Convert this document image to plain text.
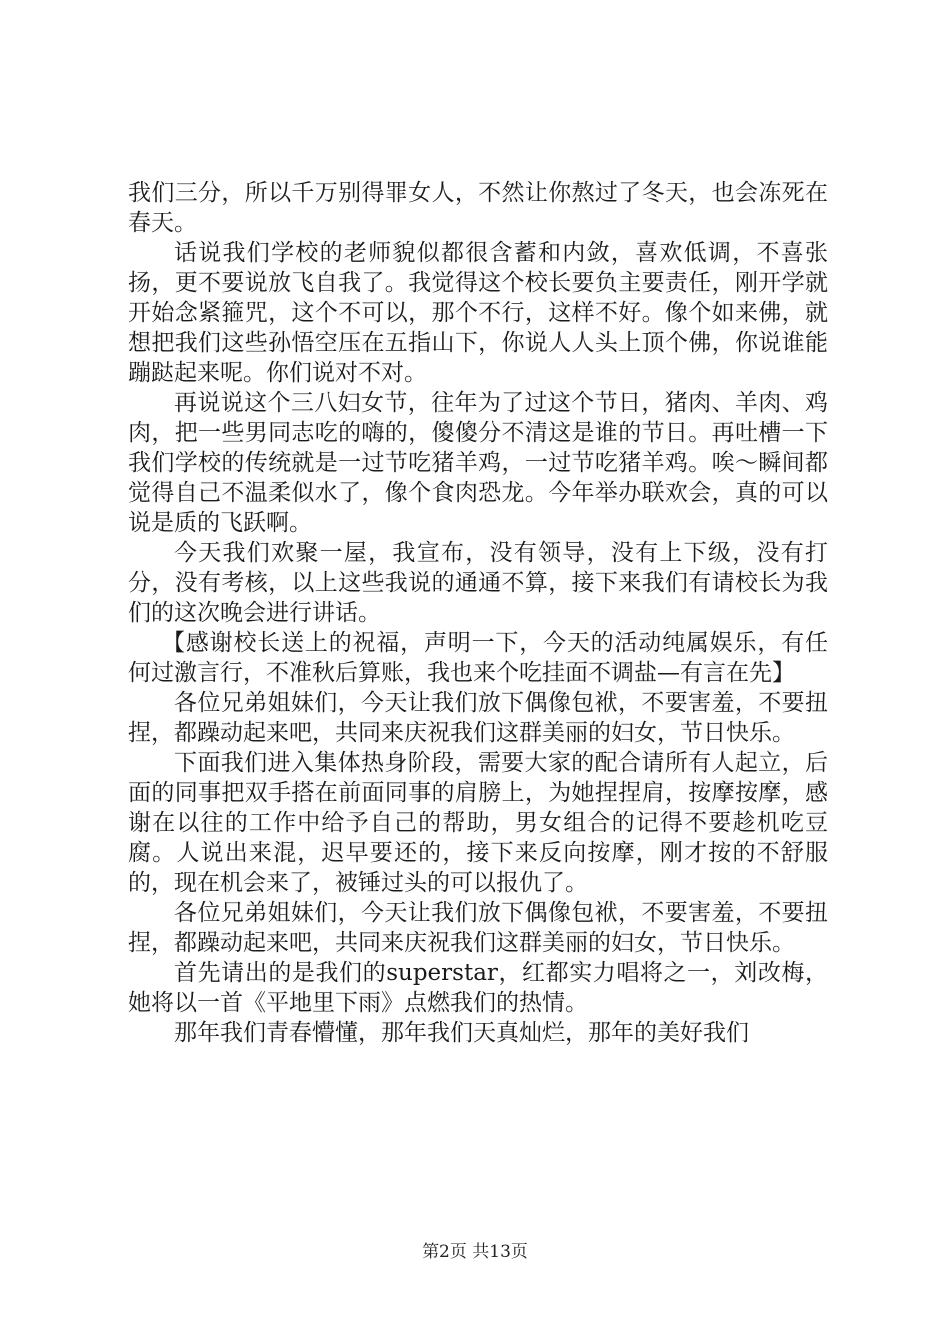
我们三分，所以千万别得罪女人，不然让你熬过了冬天，也会冻死在春天。

话说我们学校的老师貌似都很含蓄和内敛，喜欢低调，不喜张扬，更不要说放飞自我了。我觉得这个校长要负主要责任，刚开学就开始念紧箍咒，这个不可以，那个不行，这样不好。像个如来佛，就想把我们这些孙悟空压在五指山下，你说人人头上顶个佛，你说谁能蹦跶起来呢。你们说对不对。

再说说这个三八妇女节，往年为了过这个节日，猪肉、羊肉、鸡肉，把一些男同志吃的嗨的，傻傻分不清这是谁的节日。再吐槽一下我们学校的传统就是一过节吃猪羊鸡，一过节吃猪羊鸡。唉～瞬间都觉得自己不温柔似水了，像个食肉恐龙。今年举办联欢会，真的可以说是质的飞跃啊。

今天我们欢聚一屋，我宣布，没有领导，没有上下级，没有打分，没有考核，以上这些我说的通通不算，接下来我们有请校长为我们的这次晚会进行讲话。

【感谢校长送上的祝福，声明一下，今天的活动纯属娱乐，有任何过激言行，不准秋后算账，我也来个吃挂面不调盐—有言在先】

各位兄弟姐妹们，今天让我们放下偶像包袱，不要害羞，不要扭捏，都躁动起来吧，共同来庆祝我们这群美丽的妇女，节日快乐。

下面我们进入集体热身阶段，需要大家的配合请所有人起立，后面的同事把双手搭在前面同事的肩膀上，为她捏捏肩，按摩按摩，感谢在以往的工作中给予自己的帮助，男女组合的记得不要趁机吃豆腐。人说出来混，迟早要还的，接下来反向按摩，刚才按的不舒服的，现在机会来了，被锤过头的可以报仇了。

各位兄弟姐妹们，今天让我们放下偶像包袱，不要害羞，不要扭捏，都躁动起来吧，共同来庆祝我们这群美丽的妇女，节日快乐。

首先请出的是我们的superstar，红都实力唱将之一，刘改梅，她将以一首《平地里下雨》点燃我们的热情。

那年我们青春懵懂，那年我们天真灿烂，那年的美好我们

第2页 共13页
